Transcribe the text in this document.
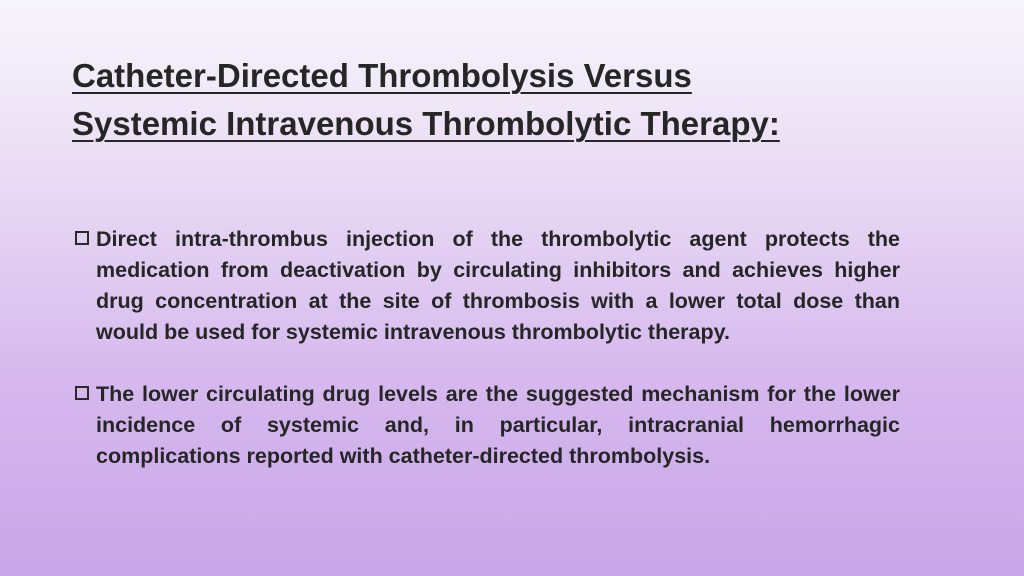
Catheter-Directed Thrombolysis Versus
Systemic Intravenous Thrombolytic Therapy:
Direct intra-thrombus injection of the thrombolytic agent protects the medication from deactivation by circulating inhibitors and achieves higher drug concentration at the site of thrombosis with a lower total dose than would be used for systemic intravenous thrombolytic therapy.
The lower circulating drug levels are the suggested mechanism for the lower incidence of systemic and, in particular, intracranial hemorrhagic complications reported with catheter-directed thrombolysis.
